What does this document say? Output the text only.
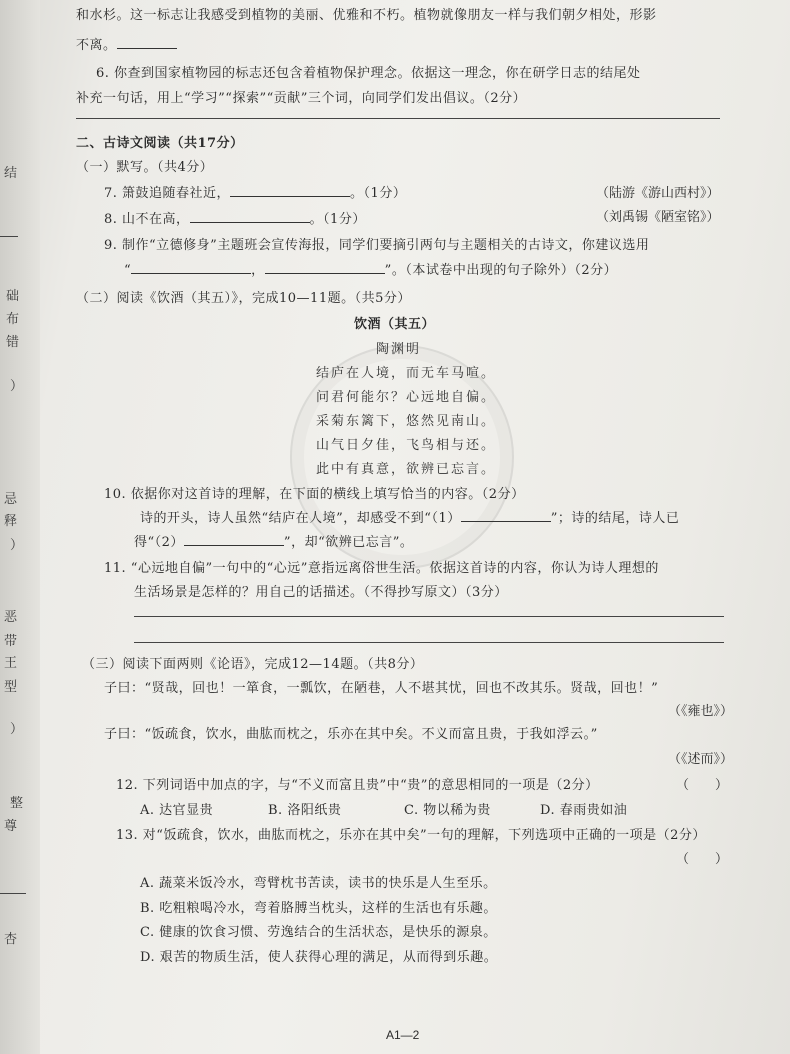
结
础
布
错
）
忌
释
）
恶
带
王
型
）
整
尊
杏
和水杉。这一标志让我感受到植物的美丽、优雅和不朽。植物就像朋友一样与我们朝夕相处，形影
不离。
6. 你查到国家植物园的标志还包含着植物保护理念。依据这一理念，你在研学日志的结尾处
补充一句话，用上“学习”“探索”“贡献”三个词，向同学们发出倡议。（2分）
二、古诗文阅读（共17分）
（一）默写。（共4分）
7. 箫鼓追随春社近，	。（1分）	（陆游《游山西村》）
8. 山不在高，	。（1分）	（刘禹锡《陋室铭》）
9. 制作“立德修身”主题班会宣传海报，同学们要摘引两句与主题相关的古诗文，你建议选用
“	，	”。（本试卷中出现的句子除外）（2分）
（二）阅读《饮酒（其五）》，完成10—11题。（共5分）
饮酒（其五）
陶渊明
结庐在人境，而无车马喧。
问君何能尔？心远地自偏。
采菊东篱下，悠然见南山。
山气日夕佳，飞鸟相与还。
此中有真意，欲辨已忘言。
10. 依据你对这首诗的理解，在下面的横线上填写恰当的内容。（2分）
诗的开头，诗人虽然“结庐在人境”，却感受不到“（1）	”；诗的结尾，诗人已
得“（2）	”，却“欲辨已忘言”。
11. “心远地自偏”一句中的“心远”意指远离俗世生活。依据这首诗的内容，你认为诗人理想的
生活场景是怎样的？用自己的话描述。（不得抄写原文）（3分）
（三）阅读下面两则《论语》，完成12—14题。（共8分）
子曰：“贤哉，回也！一箪食，一瓢饮，在陋巷，人不堪其忧，回也不改其乐。贤哉，回也！”
（《雍也》）
子曰：“饭疏食，饮水，曲肱而枕之，乐亦在其中矣。不义而富且贵，于我如浮云。”
（《述而》）
12. 下列词语中加点的字，与“不义而富且贵”中“贵”的意思相同的一项是（2分）	（　　）
A. 达官显贵	B. 洛阳纸贵	C. 物以稀为贵	D. 春雨贵如油
13. 对“饭疏食，饮水，曲肱而枕之，乐亦在其中矣”一句的理解，下列选项中正确的一项是（2分）
（　　）
A. 蔬菜米饭冷水，弯臂枕书苦读，读书的快乐是人生至乐。
B. 吃粗粮喝冷水，弯着胳膊当枕头，这样的生活也有乐趣。
C. 健康的饮食习惯、劳逸结合的生活状态，是快乐的源泉。
D. 艰苦的物质生活，使人获得心理的满足，从而得到乐趣。
A1—2
